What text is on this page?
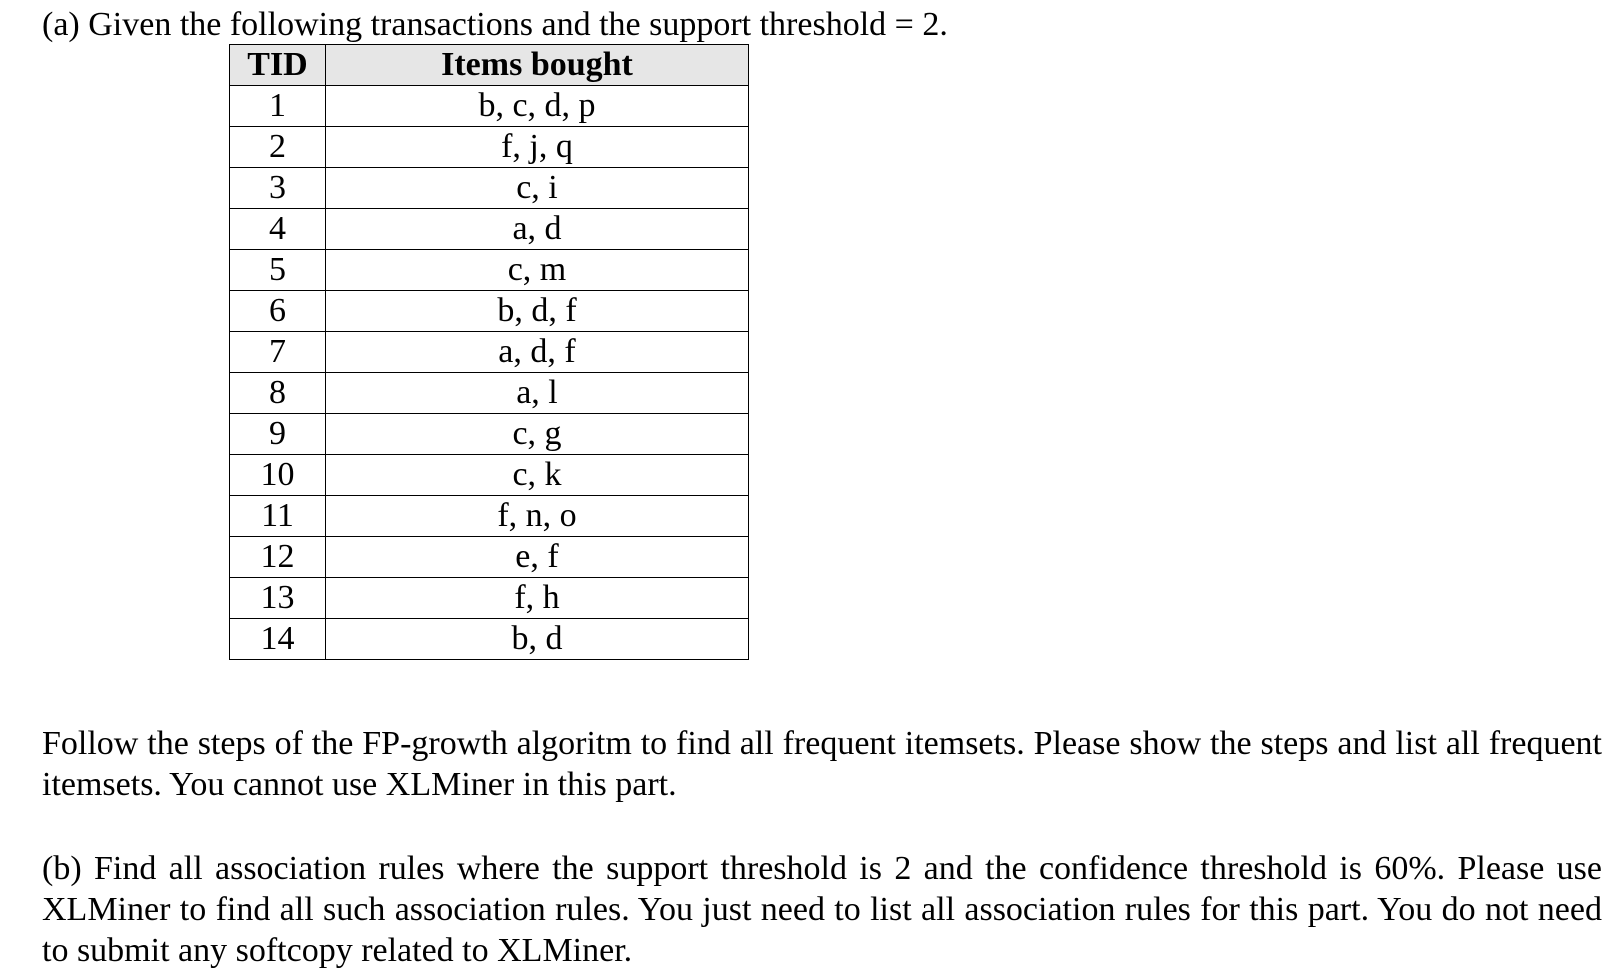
(a) Given the following transactions and the support threshold = 2.
TID	Items bought
1	b, c, d, p
2	f, j, q
3	c, i
4	a, d
5	c, m
6	b, d, f
7	a, d, f
8	a, l
9	c, g
10	c, k
11	f, n, o
12	e, f
13	f, h
14	b, d

Follow the steps of the FP-growth algoritm to find all frequent itemsets. Please show the steps and list all frequent itemsets. You cannot use XLMiner in this part.

(b) Find all association rules where the support threshold is 2 and the confidence threshold is 60%. Please use XLMiner to find all such association rules. You just need to list all association rules for this part. You do not need to submit any softcopy related to XLMiner.
